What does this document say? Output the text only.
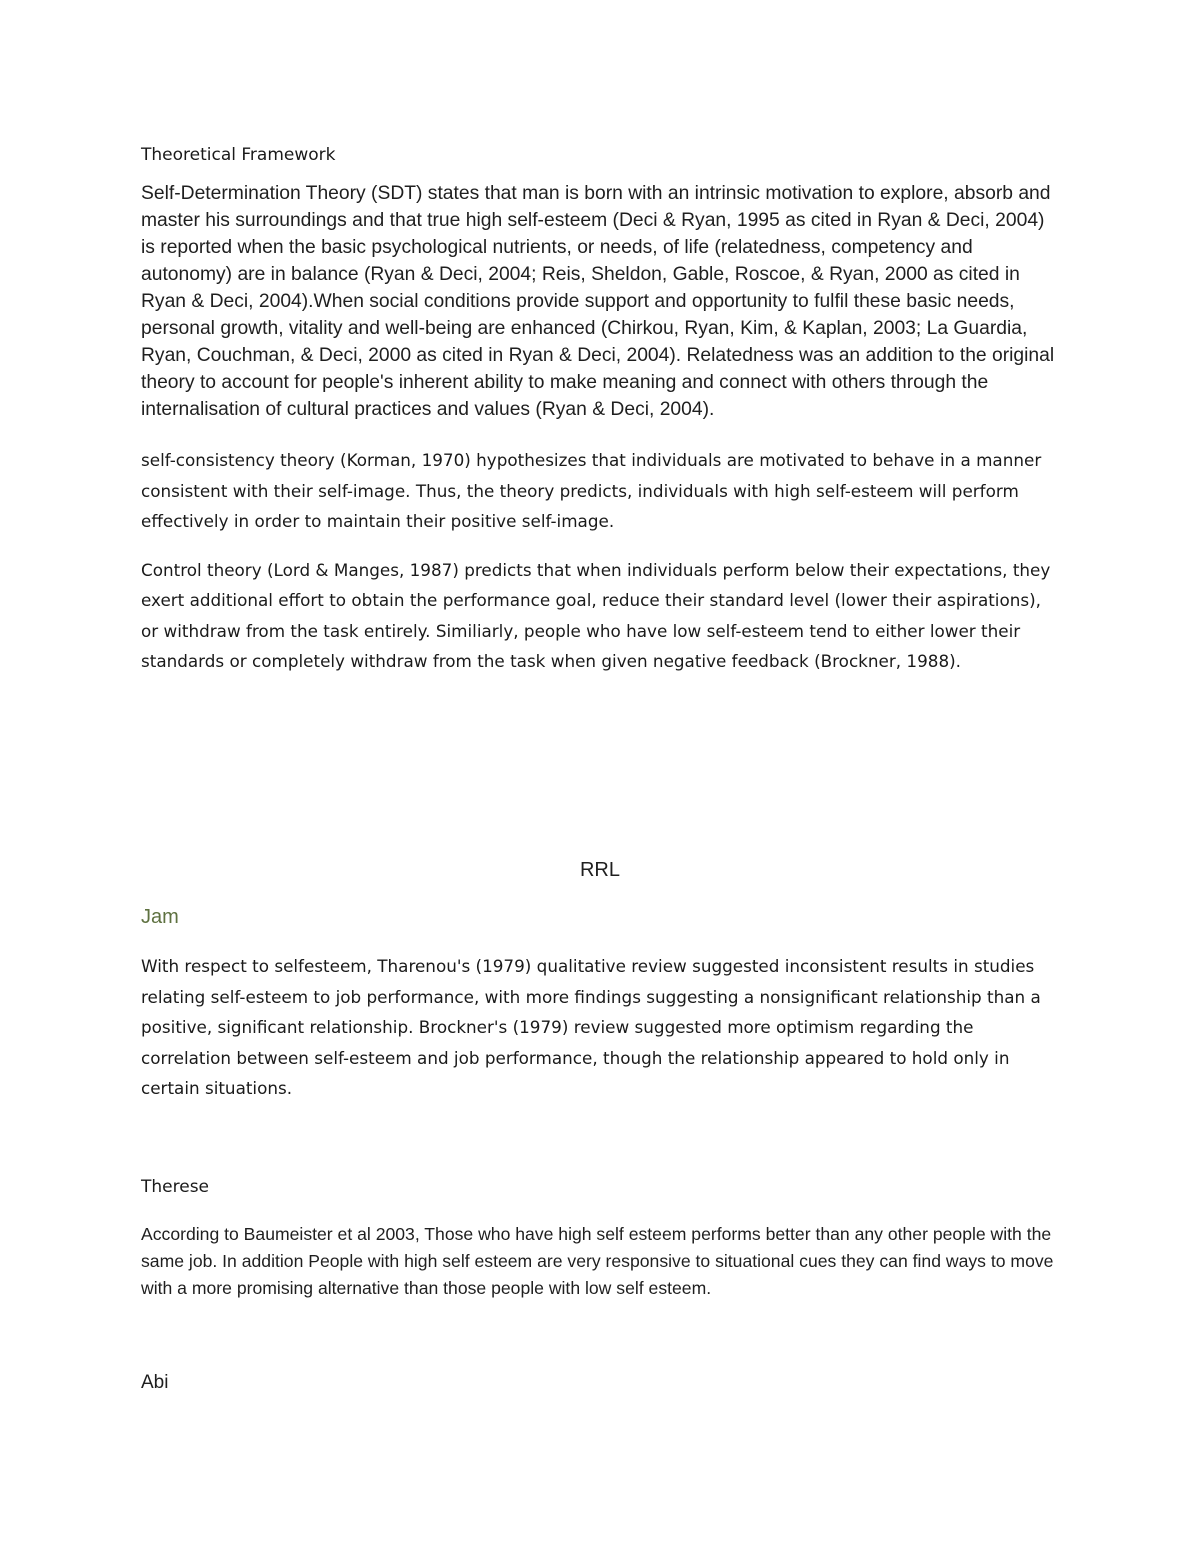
Theoretical Framework

Self-Determination Theory (SDT) states that man is born with an intrinsic motivation to explore, absorb and master his surroundings and that true high self-esteem (Deci & Ryan, 1995 as cited in Ryan & Deci, 2004) is reported when the basic psychological nutrients, or needs, of life (relatedness, competency and autonomy) are in balance (Ryan & Deci, 2004; Reis, Sheldon, Gable, Roscoe, & Ryan, 2000 as cited in Ryan & Deci, 2004).When social conditions provide support and opportunity to fulfil these basic needs, personal growth, vitality and well-being are enhanced (Chirkou, Ryan, Kim, & Kaplan, 2003; La Guardia, Ryan, Couchman, & Deci, 2000 as cited in Ryan & Deci, 2004). Relatedness was an addition to the original theory to account for people's inherent ability to make meaning and connect with others through the internalisation of cultural practices and values (Ryan & Deci, 2004).

self-consistency theory (Korman, 1970) hypothesizes that individuals are motivated to behave in a manner consistent with their self-image. Thus, the theory predicts, individuals with high self-esteem will perform effectively in order to maintain their positive self-image.

Control theory (Lord & Manges, 1987) predicts that when individuals perform below their expectations, they exert additional effort to obtain the performance goal, reduce their standard level (lower their aspirations), or withdraw from the task entirely. Similiarly, people who have low self-esteem tend to either lower their standards or completely withdraw from the task when given negative feedback (Brockner, 1988).

RRL

Jam

With respect to selfesteem, Tharenou's (1979) qualitative review suggested inconsistent results in studies relating self-esteem to job performance, with more findings suggesting a nonsignificant relationship than a positive, significant relationship. Brockner's (1979) review suggested more optimism regarding the correlation between self-esteem and job performance, though the relationship appeared to hold only in certain situations.

Therese

According to Baumeister et al 2003, Those who have high self esteem performs better than any other people with the same job. In addition People with high self esteem are very responsive to situational cues they can find ways to move with a more promising alternative than those people with low self esteem.

Abi
